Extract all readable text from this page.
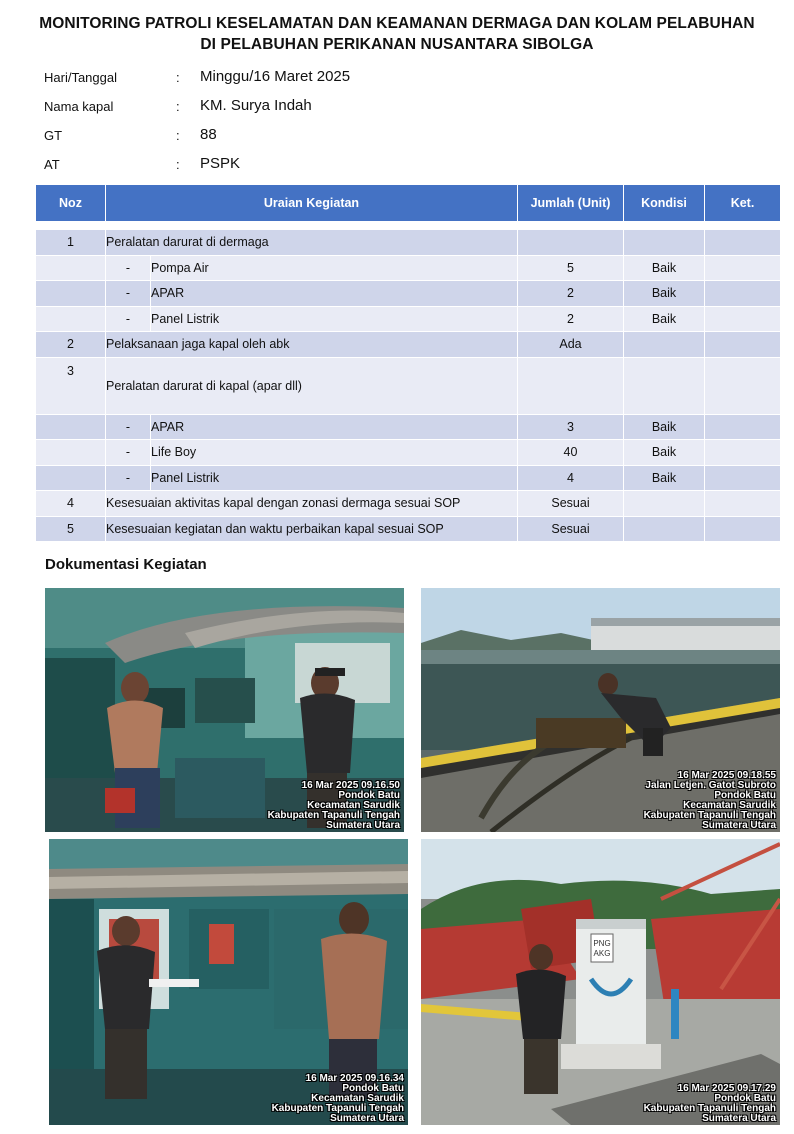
MONITORING PATROLI KESELAMATAN DAN KEAMANAN DERMAGA DAN KOLAM PELABUHAN
DI PELABUHAN PERIKANAN NUSANTARA SIBOLGA
Hari/Tanggal	: Minggu/16 Maret 2025
Nama kapal	: KM. Surya Indah
GT	: 88
AT	: PSPK
Noz	Uraian Kegiatan		Jumlah (Unit)	Kondisi	Ket.

1	Peralatan darurat di dermaga				
	-	Pompa Air	5	Baik	
	-	APAR	2	Baik	
	-	Panel Listrik	2	Baik	
2	Pelaksanaan jaga kapal oleh abk		Ada		
3	Peralatan darurat di kapal (apar dll)				
	-	APAR	3	Baik	
	-	Life Boy	40	Baik	
	-	Panel Listrik	4	Baik	
4	Kesesuaian aktivitas kapal dengan zonasi dermaga sesuai SOP		Sesuai		
5	Kesesuaian kegiatan dan waktu perbaikan kapal sesuai SOP		Sesuai		
Dokumentasi Kegiatan
16 Mar 2025 09.16.50
Pondok Batu
Kecamatan Sarudik
Kabupaten Tapanuli Tengah
Sumatera Utara
16 Mar 2025 09.18.55
Jalan Letjen. Gatot Subroto
Pondok Batu
Kecamatan Sarudik
Kabupaten Tapanuli Tengah
Sumatera Utara
16 Mar 2025 09.16.34
Pondok Batu
Kecamatan Sarudik
Kabupaten Tapanuli Tengah
Sumatera Utara
PNG
AKG
16 Mar 2025 09.17.29
Pondok Batu
Kabupaten Tapanuli Tengah
Sumatera Utara
